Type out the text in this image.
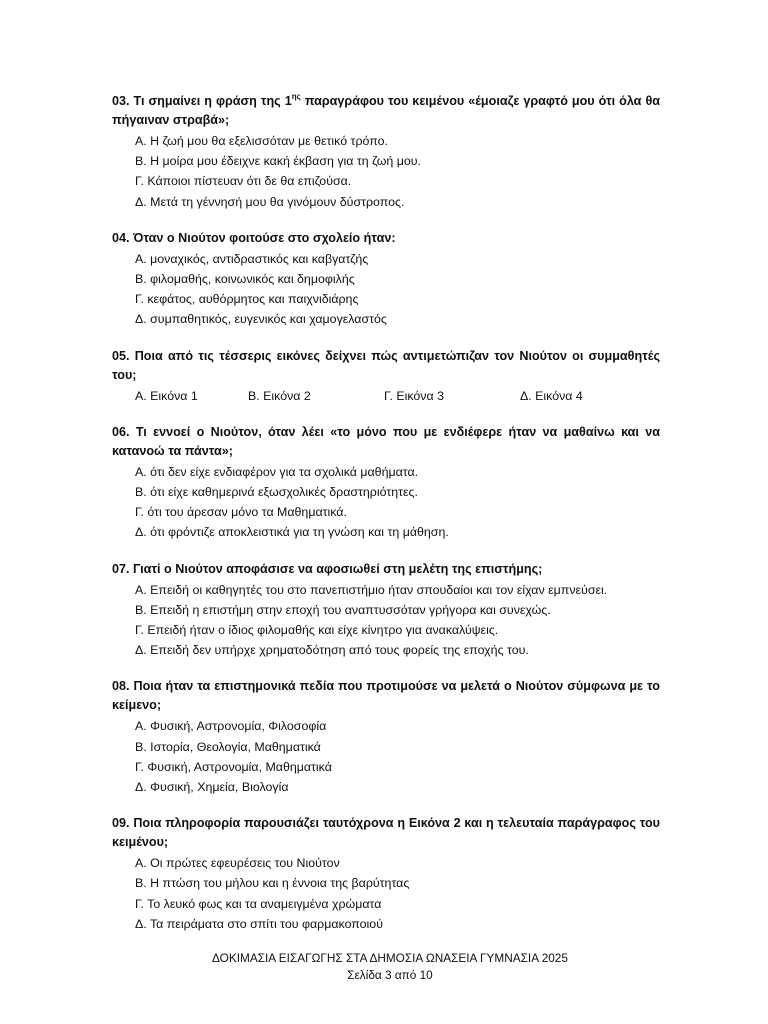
03. Τι σημαίνει η φράση της $1^{\eta\varsigma}$ παραγράφου του κειμένου «έμοιαζε γραφτό μου ότι όλα θα πήγαιναν στραβά»;

Α. Η ζωή μου θα εξελισσόταν με θετικό τρόπο.
Β. Η μοίρα μου έδειχνε κακή έκβαση για τη ζωή μου.
Γ. Κάποιοι πίστευαν ότι δε θα επιζούσα.
Δ. Μετά τη γέννησή μου θα γινόμουν δύστροπος.

04. Όταν ο Νιούτον φοιτούσε στο σχολείο ήταν:

Α. μοναχικός, αντιδραστικός και καβγατζής
Β. φιλομαθής, κοινωνικός και δημοφιλής
Γ. κεφάτος, αυθόρμητος και παιχνιδιάρης
Δ. συμπαθητικός, ευγενικός και χαμογελαστός

05. Ποια από τις τέσσερις εικόνες δείχνει πώς αντιμετώπιζαν τον Νιούτον οι συμμαθητές του;

Α. Εικόνα 1	Β. Εικόνα 2	Γ. Εικόνα 3	Δ. Εικόνα 4

06. Τι εννοεί ο Νιούτον, όταν λέει «το μόνο που με ενδιέφερε ήταν να μαθαίνω και να κατανοώ τα πάντα»;

Α. ότι δεν είχε ενδιαφέρον για τα σχολικά μαθήματα.
Β. ότι είχε καθημερινά εξωσχολικές δραστηριότητες.
Γ. ότι του άρεσαν μόνο τα Μαθηματικά.
Δ. ότι φρόντιζε αποκλειστικά για τη γνώση και τη μάθηση.

07. Γιατί ο Νιούτον αποφάσισε να αφοσιωθεί στη μελέτη της επιστήμης;

Α. Επειδή οι καθηγητές του στο πανεπιστήμιο ήταν σπουδαίοι και τον είχαν εμπνεύσει.
Β. Επειδή η επιστήμη στην εποχή του αναπτυσσόταν γρήγορα και συνεχώς.
Γ. Επειδή ήταν ο ίδιος φιλομαθής και είχε κίνητρο για ανακαλύψεις.
Δ. Επειδή δεν υπήρχε χρηματοδότηση από τους φορείς της εποχής του.

08. Ποια ήταν τα επιστημονικά πεδία που προτιμούσε να μελετά ο Νιούτον σύμφωνα με το κείμενο;

Α. Φυσική, Αστρονομία, Φιλοσοφία
Β. Ιστορία, Θεολογία, Μαθηματικά
Γ. Φυσική, Αστρονομία, Μαθηματικά
Δ. Φυσική, Χημεία, Βιολογία

09. Ποια πληροφορία παρουσιάζει ταυτόχρονα η Εικόνα 2 και η τελευταία παράγραφος του κειμένου;

Α. Οι πρώτες εφευρέσεις του Νιούτον
Β. Η πτώση του μήλου και η έννοια της βαρύτητας
Γ. Το λευκό φως και τα αναμειγμένα χρώματα
Δ. Τα πειράματα στο σπίτι του φαρμακοποιού
ΔΟΚΙΜΑΣΙΑ ΕΙΣΑΓΩΓΗΣ ΣΤΑ ΔΗΜΟΣΙΑ ΩΝΑΣΕΙΑ ΓΥΜΝΑΣΙΑ 2025
Σελίδα 3 από 10
